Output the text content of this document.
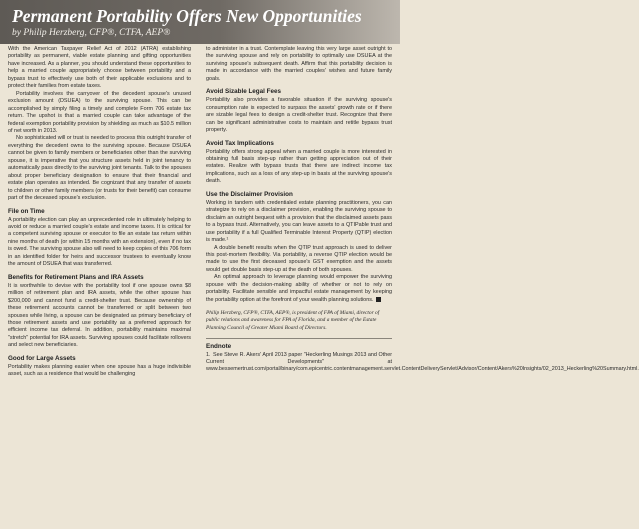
Permanent Portability Offers New Opportunities
by Philip Herzberg, CFP®, CTFA, AEP®

With the American Taxpayer Relief Act of 2012 (ATRA) establishing portability as permanent, viable estate planning and gifting opportunities have increased. As a planner, you should understand these opportunities to help a married couple appropriately choose between portability and a bypass trust to effectively use both of their applicable exclusions and to protect their families from estate taxes.

Portability involves the carryover of the decedent spouse's unused exclusion amount (DSUEA) to the surviving spouse. This can be accomplished by simply filing a timely and complete Form 706 estate tax return. The upshot is that a married couple can take advantage of the federal exemption portability provision by shielding as much as $10.5 million of net worth in 2013.

No sophisticated will or trust is needed to process this outright transfer of everything the decedent owns to the surviving spouse. Because DSUEA cannot be given to family members or beneficiaries other than the surviving spouse, it is imperative that you structure assets held in joint tenancy to automatically pass directly to the surviving joint tenants. Talk to the spouses about proper beneficiary designation to ensure that their financial and estate plan operates as intended. Be cognizant that any transfer of assets to children or other family members (or trusts for their benefit) can consume part of the deceased spouse's exclusion.

File on Time

A portability election can play an unprecedented role in ultimately helping to avoid or reduce a married couple's estate and income taxes. It is critical for a competent surviving spouse or executor to file an estate tax return within nine months of death (or within 15 months with an extension), even if no tax is owed. The surviving spouse also will need to keep copies of this 706 form in an identified folder for heirs and successor trustees to eventually know the amount of DSUEA that was transferred.

Benefits for Retirement Plans and IRA Assets

It is worthwhile to devise with the portability tool if one spouse owns $8 million of retirement plan and IRA assets, while the other spouse has $200,000 and cannot fund a credit-shelter trust. Because ownership of these retirement accounts cannot be transferred or split between two spouses while living, a spouse can be designated as primary beneficiary of those retirement assets and use portability as a preferred approach for efficient income tax deferral. In addition, portability maintains maximal "stretch" potential for IRA assets. Surviving spouses could facilitate rollovers and select new beneficiaries.

Good for Large Assets

Portability makes planning easier when one spouse has a huge indivisible asset, such as a residence that would be challenging

to administer in a trust. Contemplate leaving this very large asset outright to the surviving spouse and rely on portability to optimally use DSUEA at the surviving spouse's subsequent death. Affirm that this portability decision is made in accordance with the married couples' wishes and future family goals.

Avoid Sizable Legal Fees

Portability also provides a favorable situation if the surviving spouse's consumption rate is expected to surpass the assets' growth rate or if there are sizable legal fees to design a credit-shelter trust. Recognize that there can be significant administrative costs to maintain and retitle bypass trust property.

Avoid Tax Implications

Portability offers strong appeal when a married couple is more interested in obtaining full basis step-up rather than getting appreciation out of their estates. Realize with bypass trusts that there are indirect income tax implications, such as a loss of any step-up in basis at the surviving spouse's death.

Use the Disclaimer Provision

Working in tandem with credentialed estate planning practitioners, you can strategize to rely on a disclaimer provision, enabling the surviving spouse to disclaim an outright bequest with a provision that the disclaimed assets pass to a bypass trust. Alternatively, you can leave assets to a QTIPable trust and use portability if a full Qualified Terminable Interest Property (QTIP) election is made.¹

A double benefit results when the QTIP trust approach is used to deliver this post-mortem flexibility. Via portability, a reverse QTIP election would be made to use the first deceased spouse's GST exemption and the assets would get double basis step-up at the death of both spouses.

An optimal approach to leverage planning would empower the surviving spouse with the decision-making ability of whether or not to rely on portability. Facilitate sensible and impactful estate management by keeping the portability option at the forefront of your wealth planning solutions.

Philip Herzberg, CFP®, CTFA, AEP®, is president of FPA of Miami, director of public relations and awareness for FPA of Florida, and a member of the Estate Planning Council of Greater Miami Board of Directors.

Endnote

1. See Steve R. Akers' April 2013 paper "Heckerling Musings 2013 and Other Current Developments" at www.bessemertrust.com/portal/binary/com.epicentric.contentmanagement.servlet.ContentDeliveryServlet/Advisor/Content/Akers%20Insights/02_2013_Heckerling%20Summary.html.
